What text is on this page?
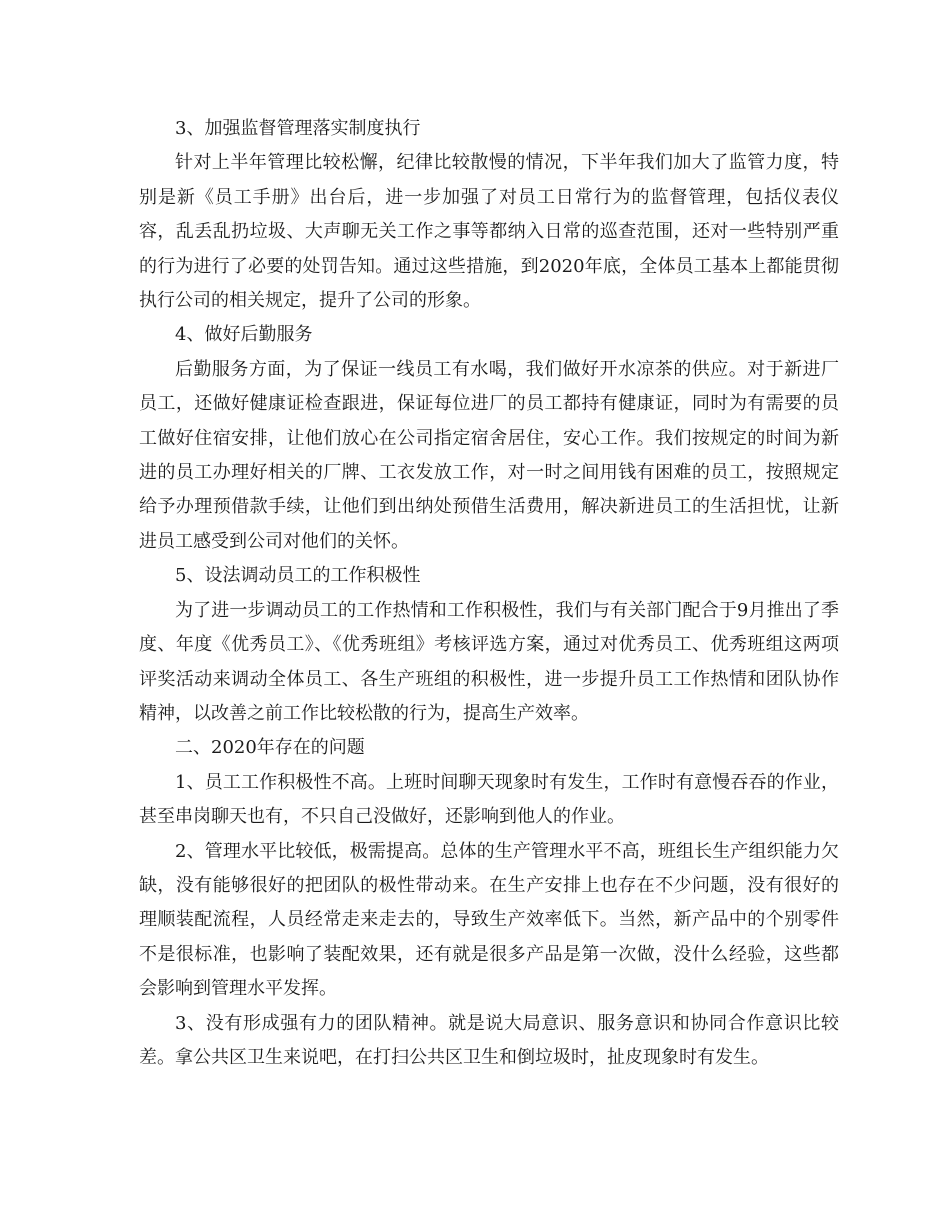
3、加强监督管理落实制度执行

针对上半年管理比较松懈，纪律比较散慢的情况，下半年我们加大了监管力度，特别是新《员工手册》出台后，进一步加强了对员工日常行为的监督管理，包括仪表仪容，乱丢乱扔垃圾、大声聊无关工作之事等都纳入日常的巡查范围，还对一些特别严重的行为进行了必要的处罚告知。通过这些措施，到2020年底，全体员工基本上都能贯彻执行公司的相关规定，提升了公司的形象。

4、做好后勤服务

后勤服务方面，为了保证一线员工有水喝，我们做好开水凉茶的供应。对于新进厂员工，还做好健康证检查跟进，保证每位进厂的员工都持有健康证，同时为有需要的员工做好住宿安排，让他们放心在公司指定宿舍居住，安心工作。我们按规定的时间为新进的员工办理好相关的厂牌、工衣发放工作，对一时之间用钱有困难的员工，按照规定给予办理预借款手续，让他们到出纳处预借生活费用，解决新进员工的生活担忧，让新进员工感受到公司对他们的关怀。

5、设法调动员工的工作积极性

为了进一步调动员工的工作热情和工作积极性，我们与有关部门配合于9月推出了季度、年度《优秀员工》、《优秀班组》考核评选方案，通过对优秀员工、优秀班组这两项评奖活动来调动全体员工、各生产班组的积极性，进一步提升员工工作热情和团队协作精神，以改善之前工作比较松散的行为，提高生产效率。

二、2020年存在的问题

1、员工工作积极性不高。上班时间聊天现象时有发生，工作时有意慢吞吞的作业，甚至串岗聊天也有，不只自己没做好，还影响到他人的作业。

2、管理水平比较低，极需提高。总体的生产管理水平不高，班组长生产组织能力欠缺，没有能够很好的把团队的极性带动来。在生产安排上也存在不少问题，没有很好的理顺装配流程，人员经常走来走去的，导致生产效率低下。当然，新产品中的个别零件不是很标准，也影响了装配效果，还有就是很多产品是第一次做，没什么经验，这些都会影响到管理水平发挥。

3、没有形成强有力的团队精神。就是说大局意识、服务意识和协同合作意识比较差。拿公共区卫生来说吧，在打扫公共区卫生和倒垃圾时，扯皮现象时有发生。
